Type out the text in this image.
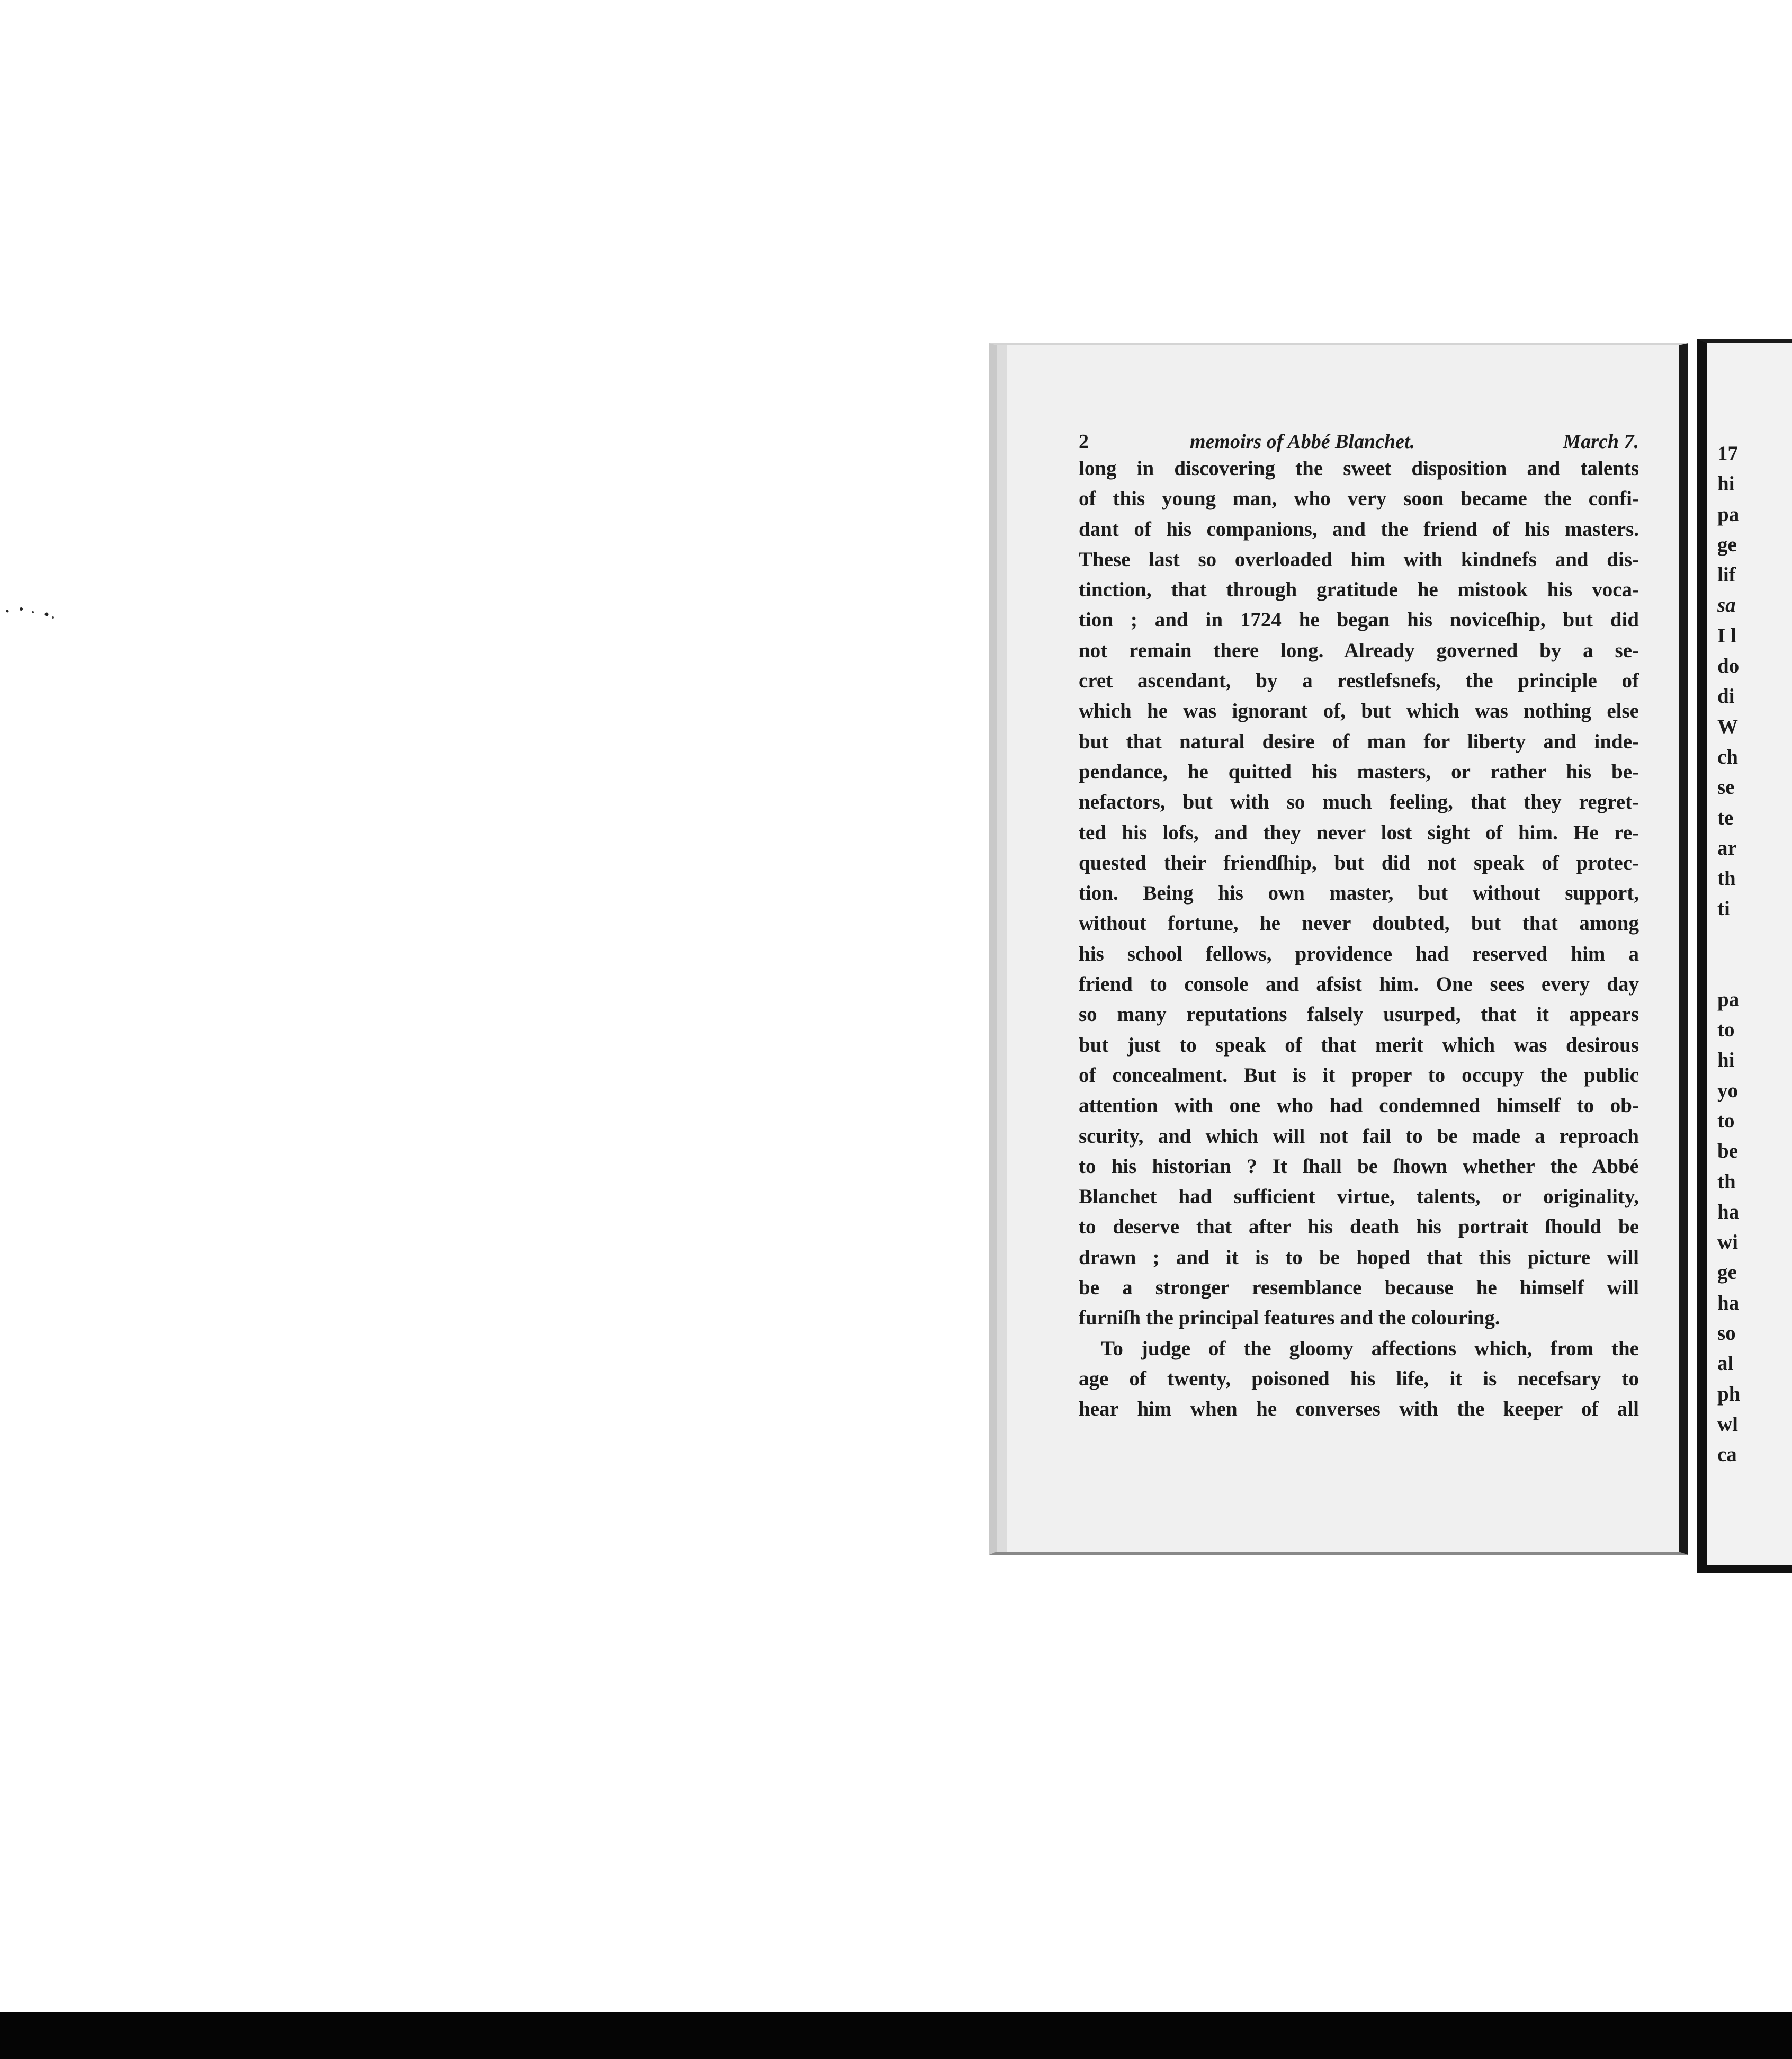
2	memoirs of Abbé Blanchet.	March 7.
long in discovering the sweet disposition and talents
of this young man, who very soon became the confi-
dant of his companions, and the friend of his masters.
These last so overloaded him with kindnefs and dis-
tinction, that through gratitude he mistook his voca-
tion ; and in 1724 he began his noviceſhip, but did
not remain there long. Already governed by a se-
cret ascendant, by a restlefsnefs, the principle of
which he was ignorant of, but which was nothing else
but that natural desire of man for liberty and inde-
pendance, he quitted his masters, or rather his be-
nefactors, but with so much feeling, that they regret-
ted his lofs, and they never lost sight of him. He re-
quested their friendſhip, but did not speak of protec-
tion. Being his own master, but without support,
without fortune, he never doubted, but that among
his school fellows, providence had reserved him a
friend to console and afsist him. One sees every day
so many reputations falsely usurped, that it appears
but just to speak of that merit which was desirous
of concealment. But is it proper to occupy the public
attention with one who had condemned himself to ob-
scurity, and which will not fail to be made a reproach
to his historian ? It ſhall be ſhown whether the Abbé
Blanchet had sufficient virtue, talents, or originality,
to deserve that after his death his portrait ſhould be
drawn ; and it is to be hoped that this picture will
be a stronger resemblance because he himself will
furniſh the principal features and the colouring.
To judge of the gloomy affections which, from the
age of twenty, poisoned his life, it is necefsary to
hear him when he converses with the keeper of all
17
hi
pa
ge
lif
sa
I l
do
di
W
ch
se
te
ar
th
ti
pa
to
hi
yo
to
be
th
ha
wi
ge
ha
so
al
ph
wl
ca
